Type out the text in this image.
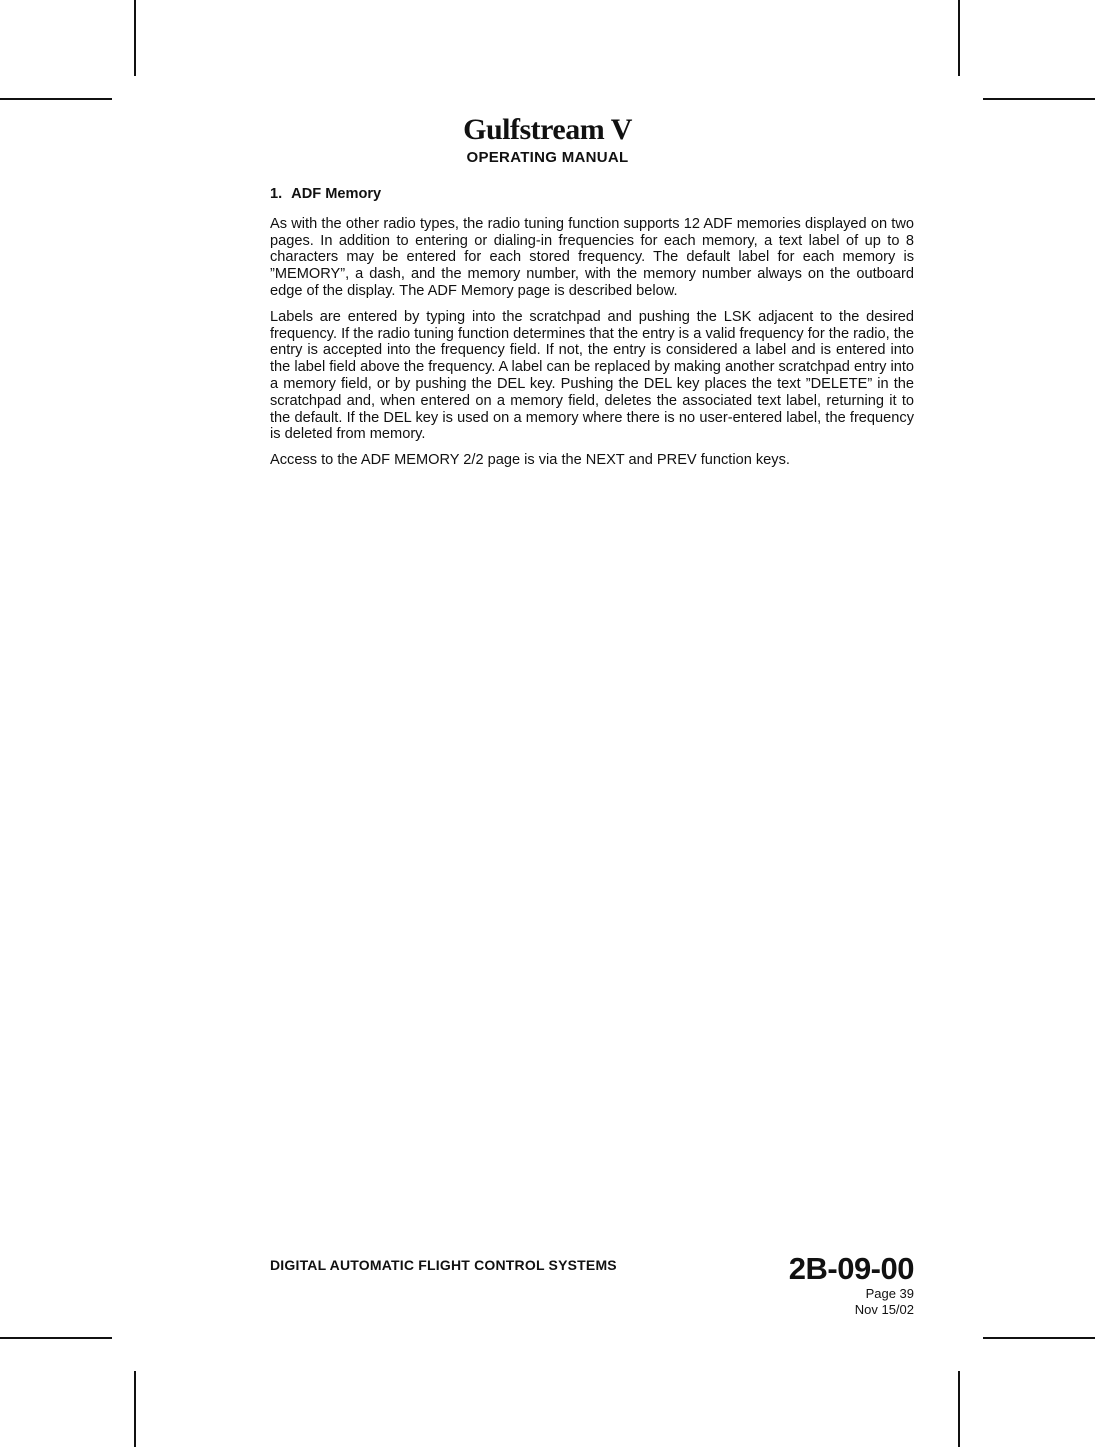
Gulfstream V
OPERATING MANUAL
1. ADF Memory

As with the other radio types, the radio tuning function supports 12 ADF memories displayed on two pages. In addition to entering or dialing‑in frequencies for each memory, a text label of up to 8 characters may be entered for each stored frequency. The default label for each memory is ”MEMORY”, a dash, and the memory number, with the memory number always on the outboard edge of the display. The ADF Memory page is described below.

Labels are entered by typing into the scratchpad and pushing the LSK adjacent to the desired frequency. If the radio tuning function determines that the entry is a valid frequency for the radio, the entry is accepted into the frequency field. If not, the entry is considered a label and is entered into the label field above the frequency. A label can be replaced by making another scratchpad entry into a memory field, or by pushing the DEL key. Pushing the DEL key places the text ”DELETE” in the scratchpad and, when entered on a memory field, deletes the associated text label, returning it to the default. If the DEL key is used on a memory where there is no user‑entered label, the frequency is deleted from memory.

Access to the ADF MEMORY 2/2 page is via the NEXT and PREV function keys.

DIGITAL AUTOMATIC FLIGHT CONTROL SYSTEMS	2B-09-00
Page 39
Nov 15/02
